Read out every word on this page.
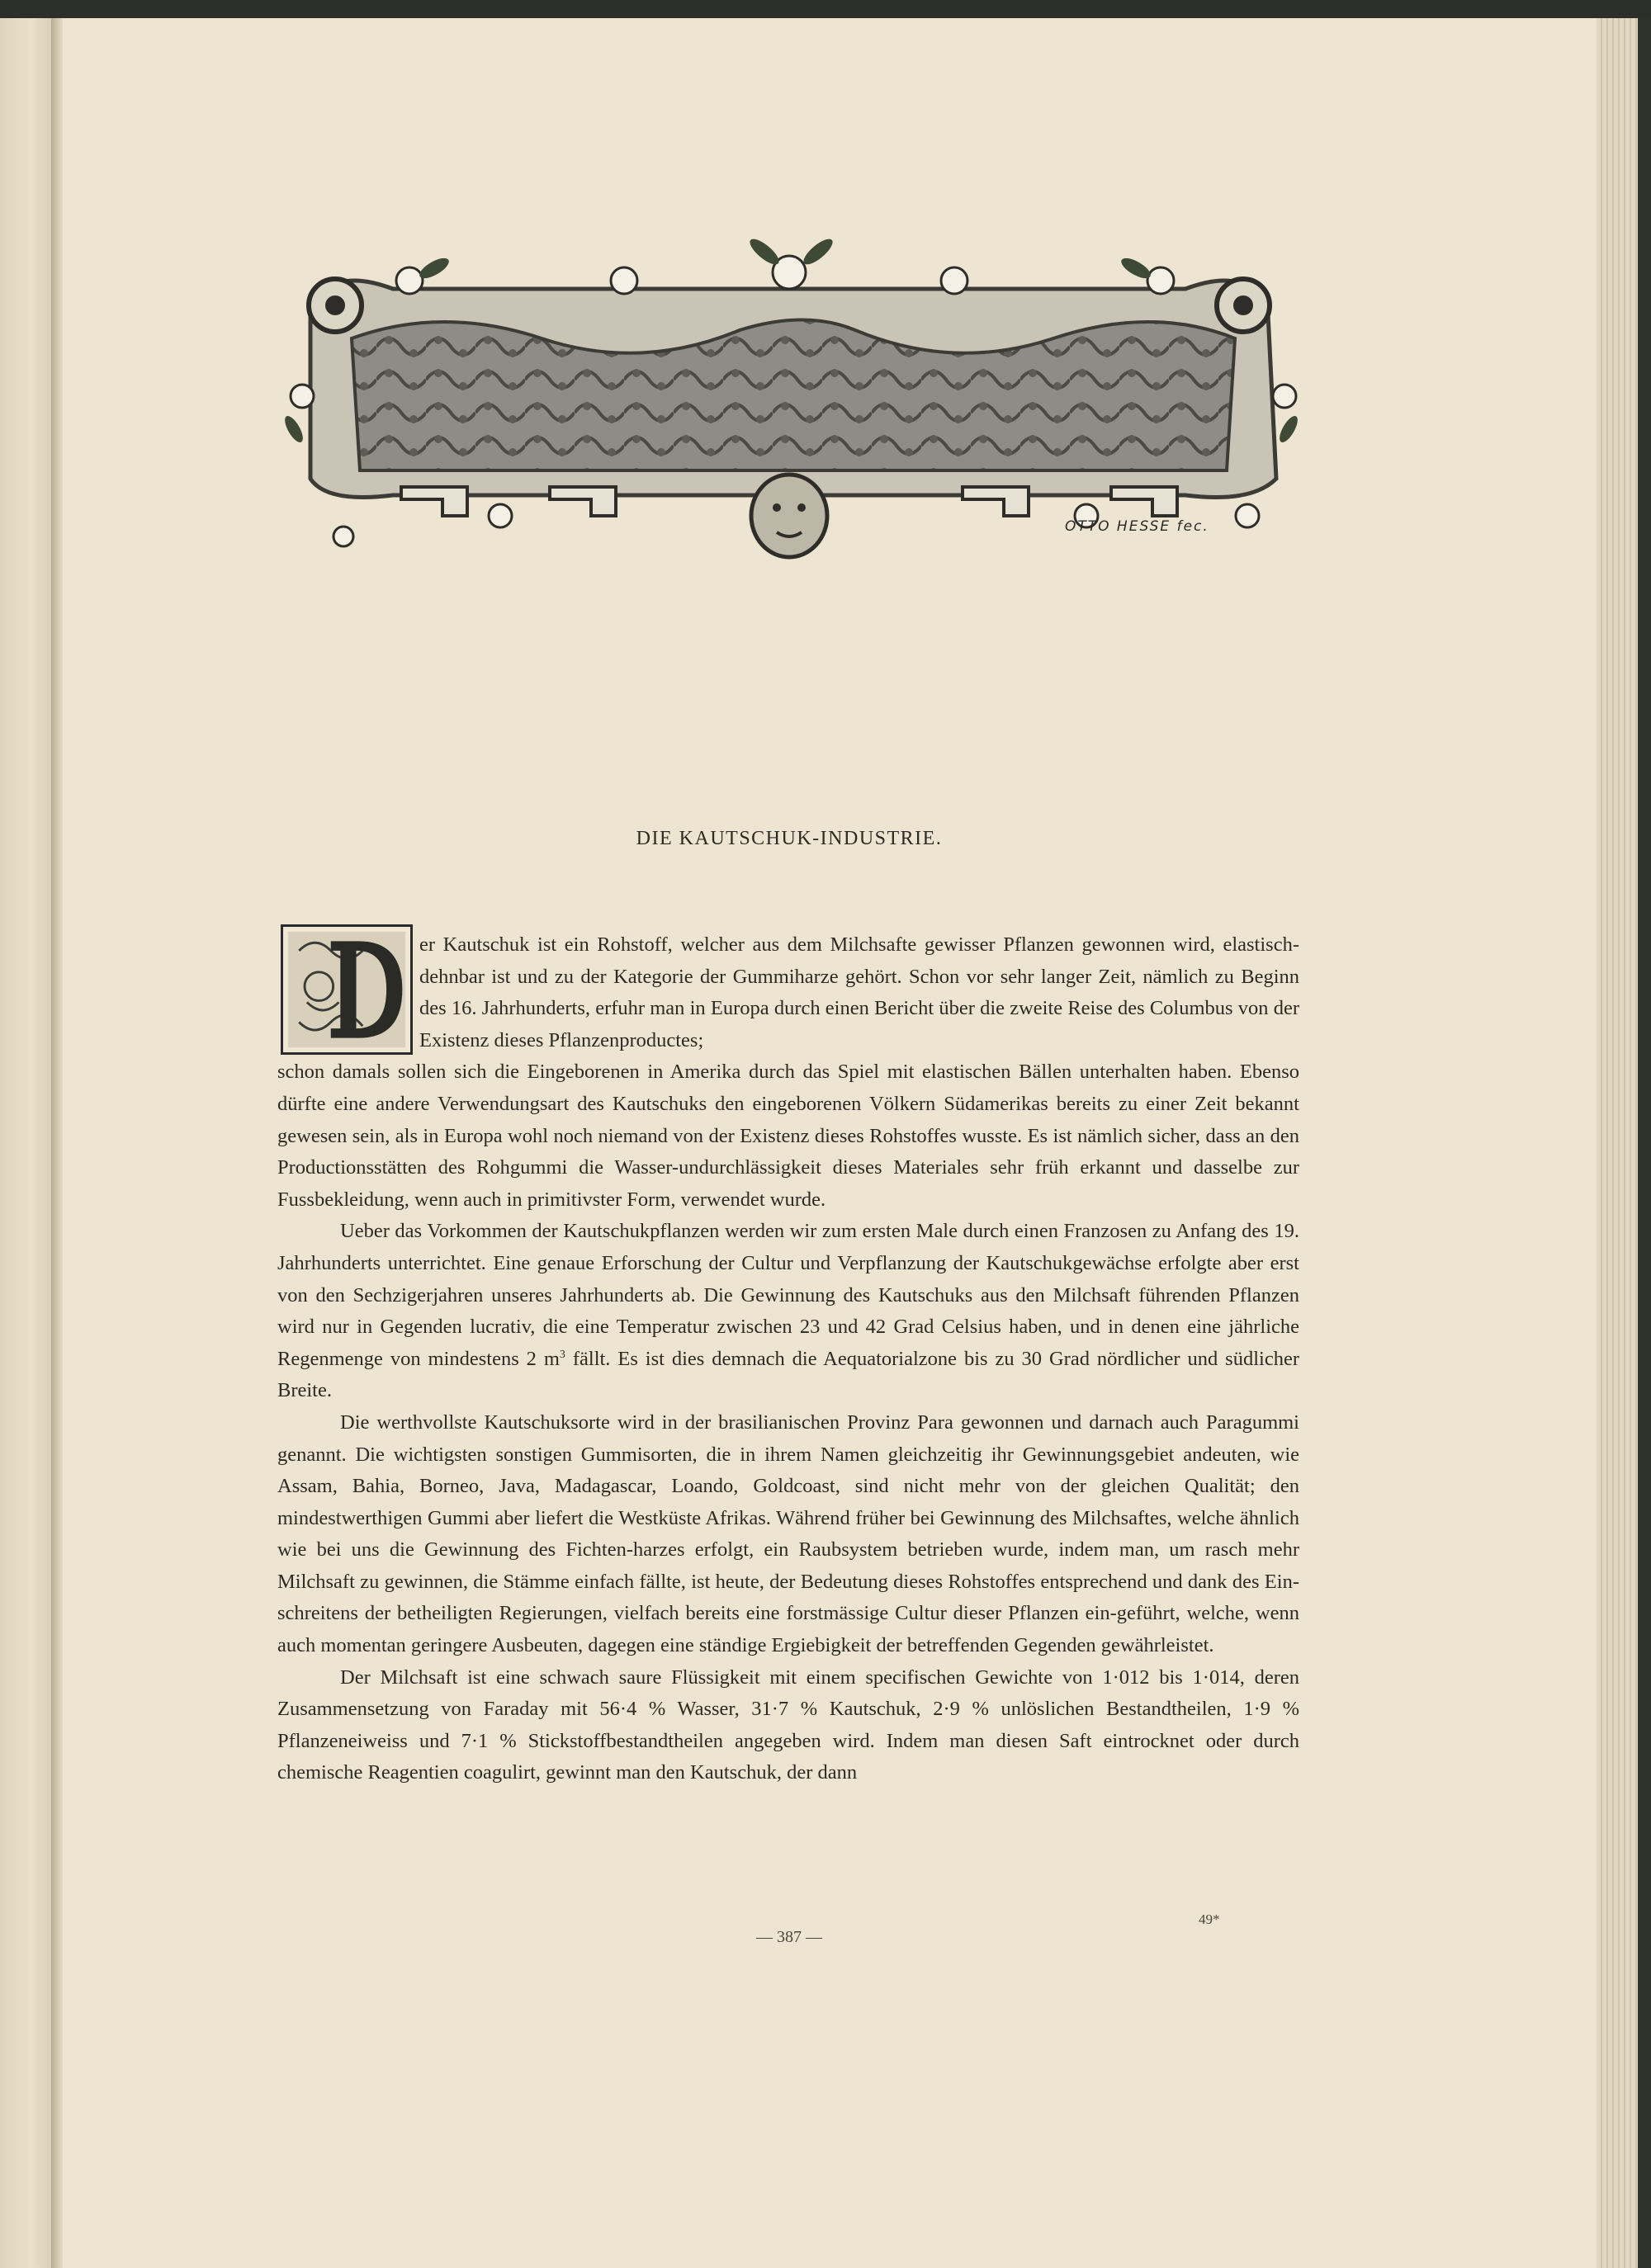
OTTO HESSE fec.
DIE KAUTSCHUK-INDUSTRIE.

er Kautschuk ist ein Rohstoff, welcher aus dem Milchsafte gewisser Pflanzen gewonnen wird, elastisch-dehnbar ist und zu der Kategorie der Gummiharze gehört. Schon vor sehr langer Zeit, nämlich zu Beginn des 16. Jahrhunderts, erfuhr man in Europa durch einen Bericht über die zweite Reise des Columbus von der Existenz dieses Pflanzenproductes;

schon damals sollen sich die Eingeborenen in Amerika durch das Spiel mit elastischen Bällen unterhalten haben. Ebenso dürfte eine andere Verwendungsart des Kautschuks den eingeborenen Völkern Südamerikas bereits zu einer Zeit bekannt gewesen sein, als in Europa wohl noch niemand von der Existenz dieses Rohstoffes wusste. Es ist nämlich sicher, dass an den Productionsstätten des Rohgummi die Wasser-undurchlässigkeit dieses Materiales sehr früh erkannt und dasselbe zur Fussbekleidung, wenn auch in primitivster Form, verwendet wurde.

Ueber das Vorkommen der Kautschukpflanzen werden wir zum ersten Male durch einen Franzosen zu Anfang des 19. Jahrhunderts unterrichtet. Eine genaue Erforschung der Cultur und Verpflanzung der Kautschukgewächse erfolgte aber erst von den Sechzigerjahren unseres Jahrhunderts ab. Die Gewinnung des Kautschuks aus den Milchsaft führenden Pflanzen wird nur in Gegenden lucrativ, die eine Temperatur zwischen 23 und 42 Grad Celsius haben, und in denen eine jährliche Regenmenge von mindestens 2 $m^3$ fällt. Es ist dies demnach die Aequatorialzone bis zu 30 Grad nördlicher und südlicher Breite.

Die werthvollste Kautschuksorte wird in der brasilianischen Provinz Para gewonnen und darnach auch Paragummi genannt. Die wichtigsten sonstigen Gummisorten, die in ihrem Namen gleichzeitig ihr Gewinnungsgebiet andeuten, wie Assam, Bahia, Borneo, Java, Madagascar, Loando, Goldcoast, sind nicht mehr von der gleichen Qualität; den mindestwerthigen Gummi aber liefert die Westküste Afrikas. Während früher bei Gewinnung des Milchsaftes, welche ähnlich wie bei uns die Gewinnung des Fichten-harzes erfolgt, ein Raubsystem betrieben wurde, indem man, um rasch mehr Milchsaft zu gewinnen, die Stämme einfach fällte, ist heute, der Bedeutung dieses Rohstoffes entsprechend und dank des Ein-schreitens der betheiligten Regierungen, vielfach bereits eine forstmässige Cultur dieser Pflanzen ein-geführt, welche, wenn auch momentan geringere Ausbeuten, dagegen eine ständige Ergiebigkeit der betreffenden Gegenden gewährleistet.

Der Milchsaft ist eine schwach saure Flüssigkeit mit einem specifischen Gewichte von 1·012 bis 1·014, deren Zusammensetzung von Faraday mit 56·4 % Wasser, 31·7 % Kautschuk, 2·9 % unlöslichen Bestandtheilen, 1·9 % Pflanzeneiweiss und 7·1 % Stickstoffbestandtheilen angegeben wird. Indem man diesen Saft eintrocknet oder durch chemische Reagentien coagulirt, gewinnt man den Kautschuk, der dann

— 387 —
49*
